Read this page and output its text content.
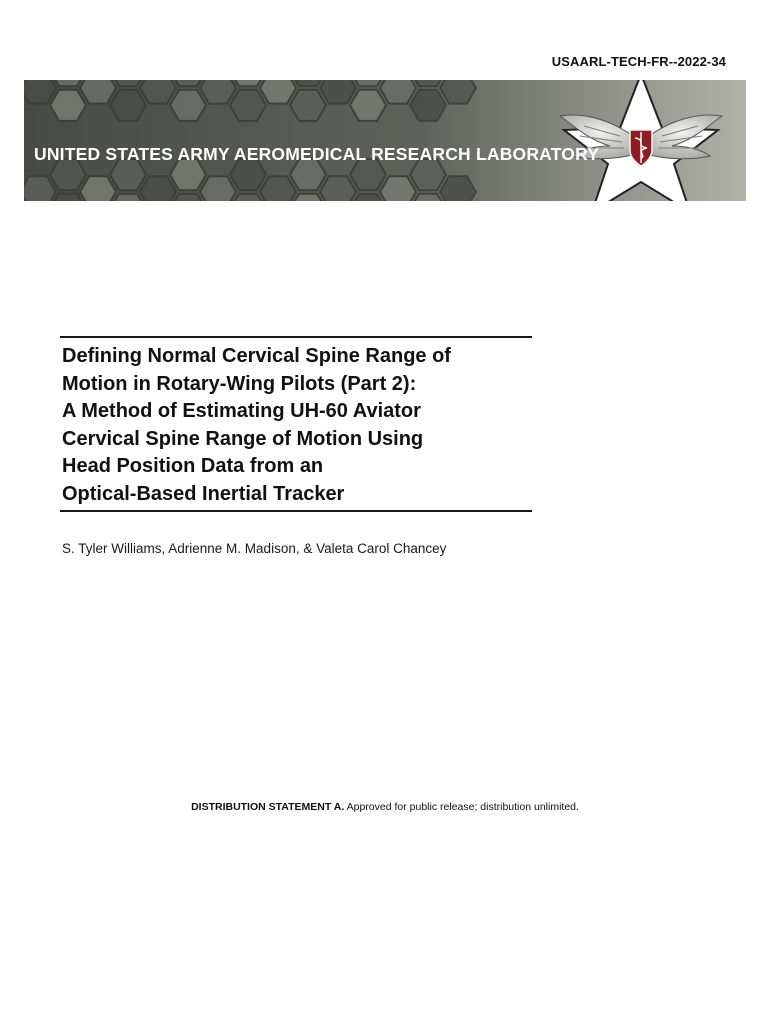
USAARL-TECH-FR--2022-34
UNITED STATES ARMY AEROMEDICAL RESEARCH LABORATORY
Defining Normal Cervical Spine Range of
Motion in Rotary-Wing Pilots (Part 2):
A Method of Estimating UH-60 Aviator
Cervical Spine Range of Motion Using
Head Position Data from an
Optical-Based Inertial Tracker
S. Tyler Williams, Adrienne M. Madison, & Valeta Carol Chancey
DISTRIBUTION STATEMENT A. Approved for public release; distribution unlimited.
